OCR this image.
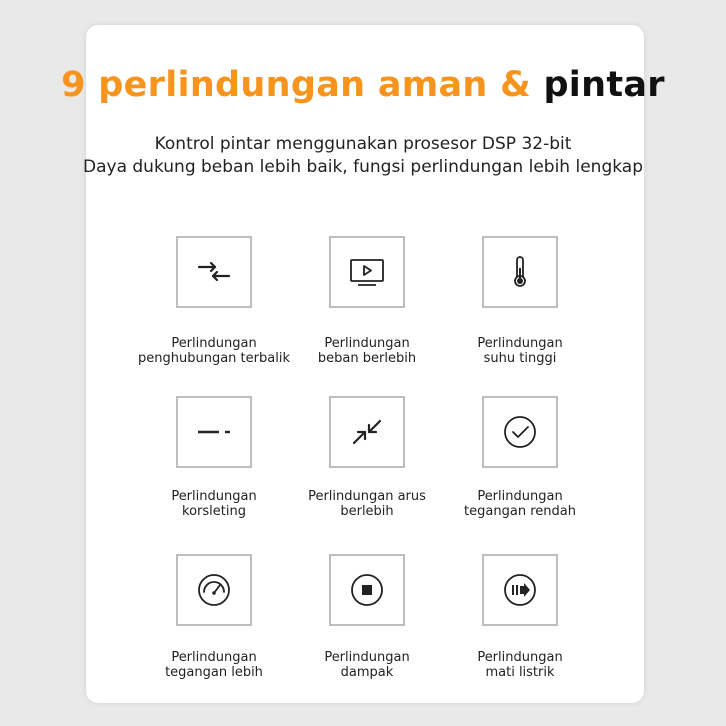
9 perlindungan aman & pintar
Kontrol pintar menggunakan prosesor DSP 32-bit
Daya dukung beban lebih baik, fungsi perlindungan lebih lengkap
Perlindungan
penghubungan terbalik
Perlindungan
beban berlebih
Perlindungan
suhu tinggi
Perlindungan
korsleting
Perlindungan arus
berlebih
Perlindungan
tegangan rendah
Perlindungan
tegangan lebih
Perlindungan
dampak
Perlindungan
mati listrik
